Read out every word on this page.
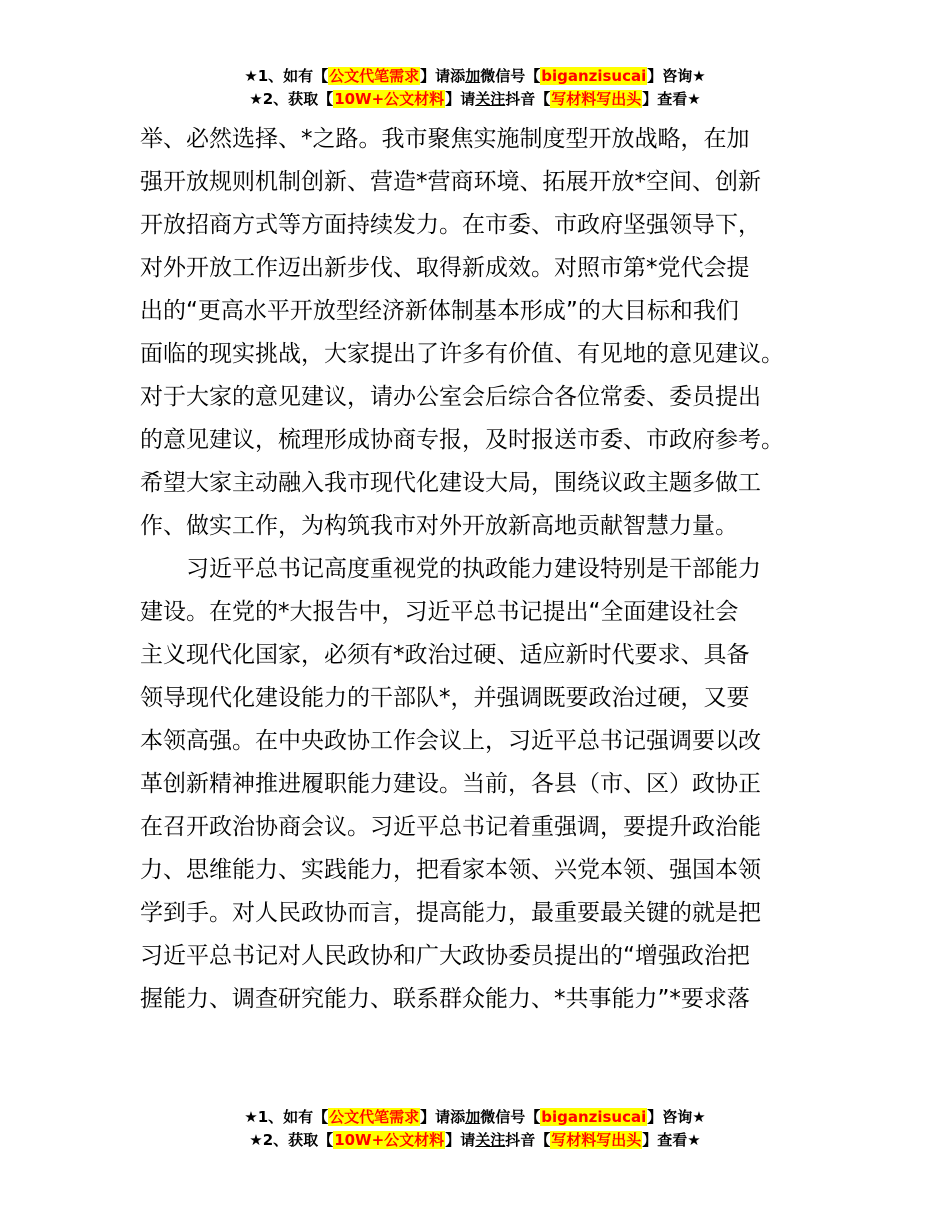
★1、如有【公文代笔需求】请添加微信号【biganzisucai】咨询★
★2、获取【10W+公文材料】请关注抖音【写材料写出头】查看★

举、必然选择、*之路。我市聚焦实施制度型开放战略，在加
强开放规则机制创新、营造*营商环境、拓展开放*空间、创新
开放招商方式等方面持续发力。在市委、市政府坚强领导下，
对外开放工作迈出新步伐、取得新成效。对照市第*党代会提
出的“更高水平开放型经济新体制基本形成”的大目标和我们
面临的现实挑战，大家提出了许多有价值、有见地的意见建议。
对于大家的意见建议，请办公室会后综合各位常委、委员提出
的意见建议，梳理形成协商专报，及时报送市委、市政府参考。
希望大家主动融入我市现代化建设大局，围绕议政主题多做工
作、做实工作，为构筑我市对外开放新高地贡献智慧力量。

习近平总书记高度重视党的执政能力建设特别是干部能力
建设。在党的*大报告中，习近平总书记提出“全面建设社会
主义现代化国家，必须有*政治过硬、适应新时代要求、具备
领导现代化建设能力的干部队*，并强调既要政治过硬，又要
本领高强。在中央政协工作会议上，习近平总书记强调要以改
革创新精神推进履职能力建设。当前，各县（市、区）政协正
在召开政治协商会议。习近平总书记着重强调，要提升政治能
力、思维能力、实践能力，把看家本领、兴党本领、强国本领
学到手。对人民政协而言，提高能力，最重要最关键的就是把
习近平总书记对人民政协和广大政协委员提出的“增强政治把
握能力、调查研究能力、联系群众能力、*共事能力”*要求落

★1、如有【公文代笔需求】请添加微信号【biganzisucai】咨询★
★2、获取【10W+公文材料】请关注抖音【写材料写出头】查看★
